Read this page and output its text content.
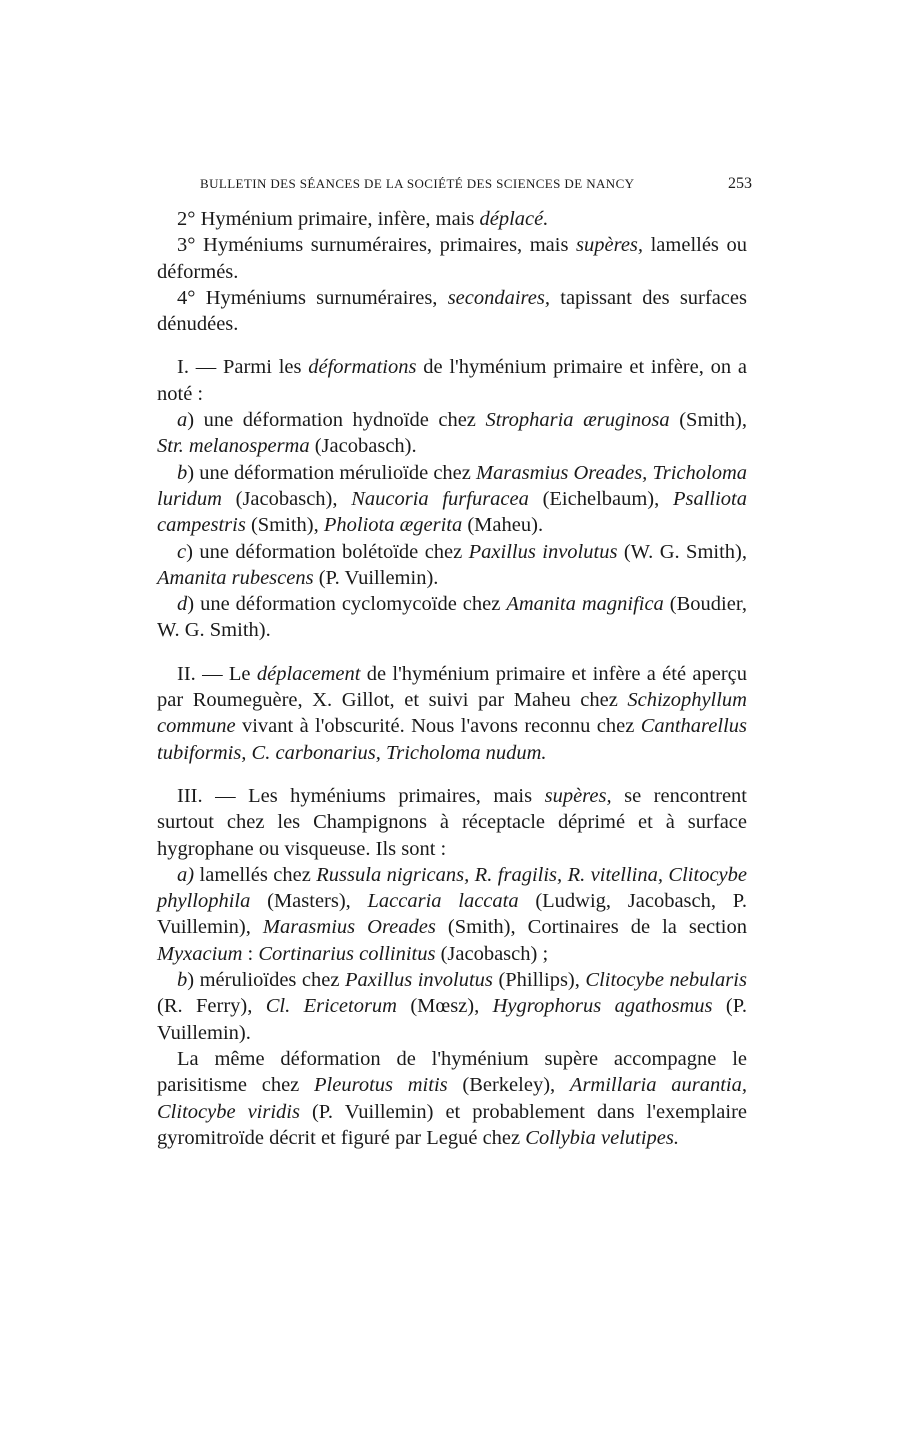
BULLETIN DES SÉANCES DE LA SOCIÉTÉ DES SCIENCES DE NANCY	253

2° Hyménium primaire, infère, mais déplacé.

3° Hyméniums surnuméraires, primaires, mais supères, lamellés ou déformés.

4° Hyméniums surnuméraires, secondaires, tapissant des surfaces dénudées.

I. — Parmi les déformations de l'hyménium primaire et infère, on a noté :

a) une déformation hydnoïde chez Stropharia æruginosa (Smith), Str. melanosperma (Jacobasch).

b) une déformation mérulioïde chez Marasmius Oreades, Tricholoma luridum (Jacobasch), Naucoria furfuracea (Eichelbaum), Psalliota campestris (Smith), Pholiota ægerita (Maheu).

c) une déformation bolétoïde chez Paxillus involutus (W. G. Smith), Amanita rubescens (P. Vuillemin).

d) une déformation cyclomycoïde chez Amanita magnifica (Boudier, W. G. Smith).

II. — Le déplacement de l'hyménium primaire et infère a été aperçu par Roumeguère, X. Gillot, et suivi par Maheu chez Schizophyllum commune vivant à l'obscurité. Nous l'avons reconnu chez Cantharellus tubiformis, C. carbonarius, Tricholoma nudum.

III. — Les hyméniums primaires, mais supères, se rencontrent surtout chez les Champignons à réceptacle déprimé et à surface hygrophane ou visqueuse. Ils sont :

a) lamellés chez Russula nigricans, R. fragilis, R. vitellina, Clitocybe phyllophila (Masters), Laccaria laccata (Ludwig, Jacobasch, P. Vuillemin), Marasmius Oreades (Smith), Cortinaires de la section Myxacium : Cortinarius collinitus (Jacobasch) ;

b) mérulioïdes chez Paxillus involutus (Phillips), Clitocybe nebularis (R. Ferry), Cl. Ericetorum (Mœsz), Hygrophorus agathosmus (P. Vuillemin).

La même déformation de l'hyménium supère accompagne le parisitisme chez Pleurotus mitis (Berkeley), Armillaria aurantia, Clitocybe viridis (P. Vuillemin) et probablement dans l'exemplaire gyromitroïde décrit et figuré par Legué chez Collybia velutipes.
